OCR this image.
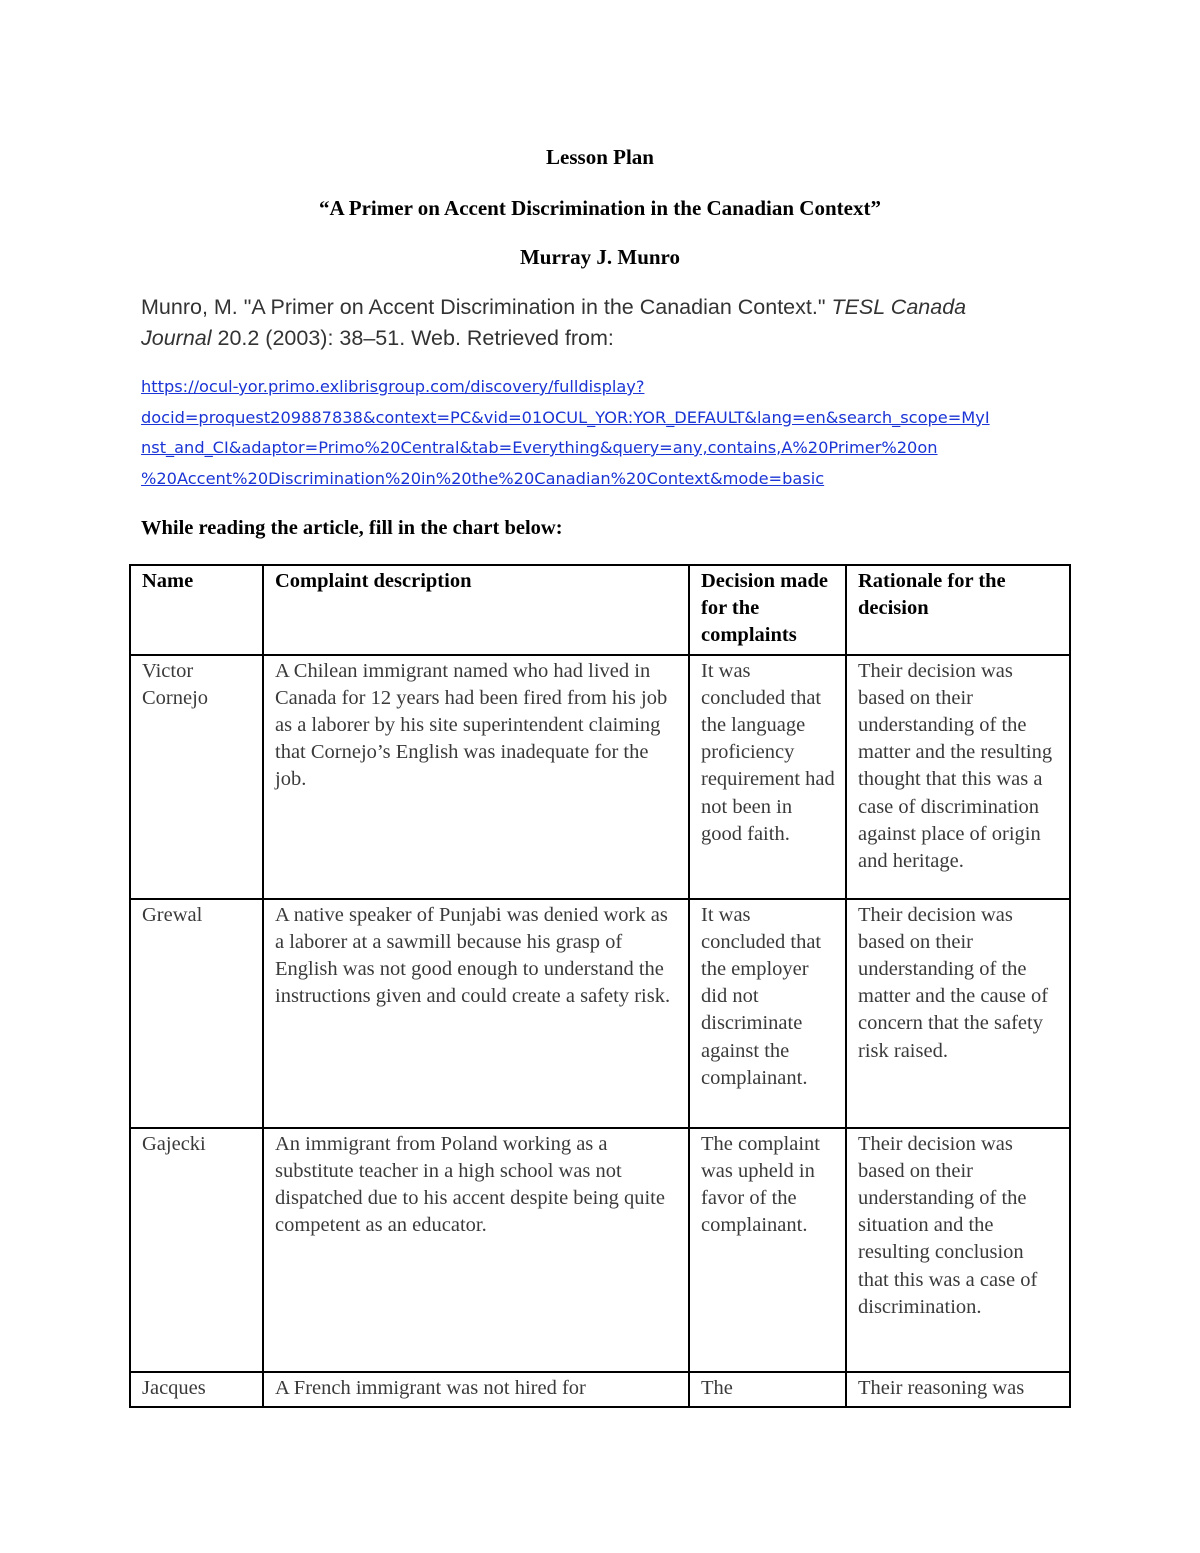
Lesson Plan
“A Primer on Accent Discrimination in the Canadian Context”
Murray J. Munro
Munro, M. "A Primer on Accent Discrimination in the Canadian Context." TESL Canada Journal 20.2 (2003): 38–51. Web. Retrieved from:
https://ocul-yor.primo.exlibrisgroup.com/discovery/fulldisplay?
docid=proquest209887838&context=PC&vid=01OCUL_YOR:YOR_DEFAULT&lang=en&search_scope=MyI
nst_and_CI&adaptor=Primo%20Central&tab=Everything&query=any,contains,A%20Primer%20on
%20Accent%20Discrimination%20in%20the%20Canadian%20Context&mode=basic
While reading the article, fill in the chart below:
Name	Complaint description	Decision made for the complaints	Rationale for the decision
Victor Cornejo	A Chilean immigrant named who had lived in Canada for 12 years had been fired from his job as a laborer by his site superintendent claiming that Cornejo’s English was inadequate for the job.	It was concluded that the language proficiency requirement had not been in good faith.	Their decision was based on their understanding of the matter and the resulting thought that this was a case of discrimination against place of origin and heritage.
Grewal	A native speaker of Punjabi was denied work as a laborer at a sawmill because his grasp of English was not good enough to understand the instructions given and could create a safety risk.	It was concluded that the employer did not discriminate against the complainant.	Their decision was based on their understanding of the matter and the cause of concern that the safety risk raised.
Gajecki	An immigrant from Poland working as a substitute teacher in a high school was not dispatched due to his accent despite being quite competent as an educator.	The complaint was upheld in favor of the complainant.	Their decision was based on their understanding of the situation and the resulting conclusion that this was a case of discrimination.
Jacques	A French immigrant was not hired for	The	Their reasoning was
